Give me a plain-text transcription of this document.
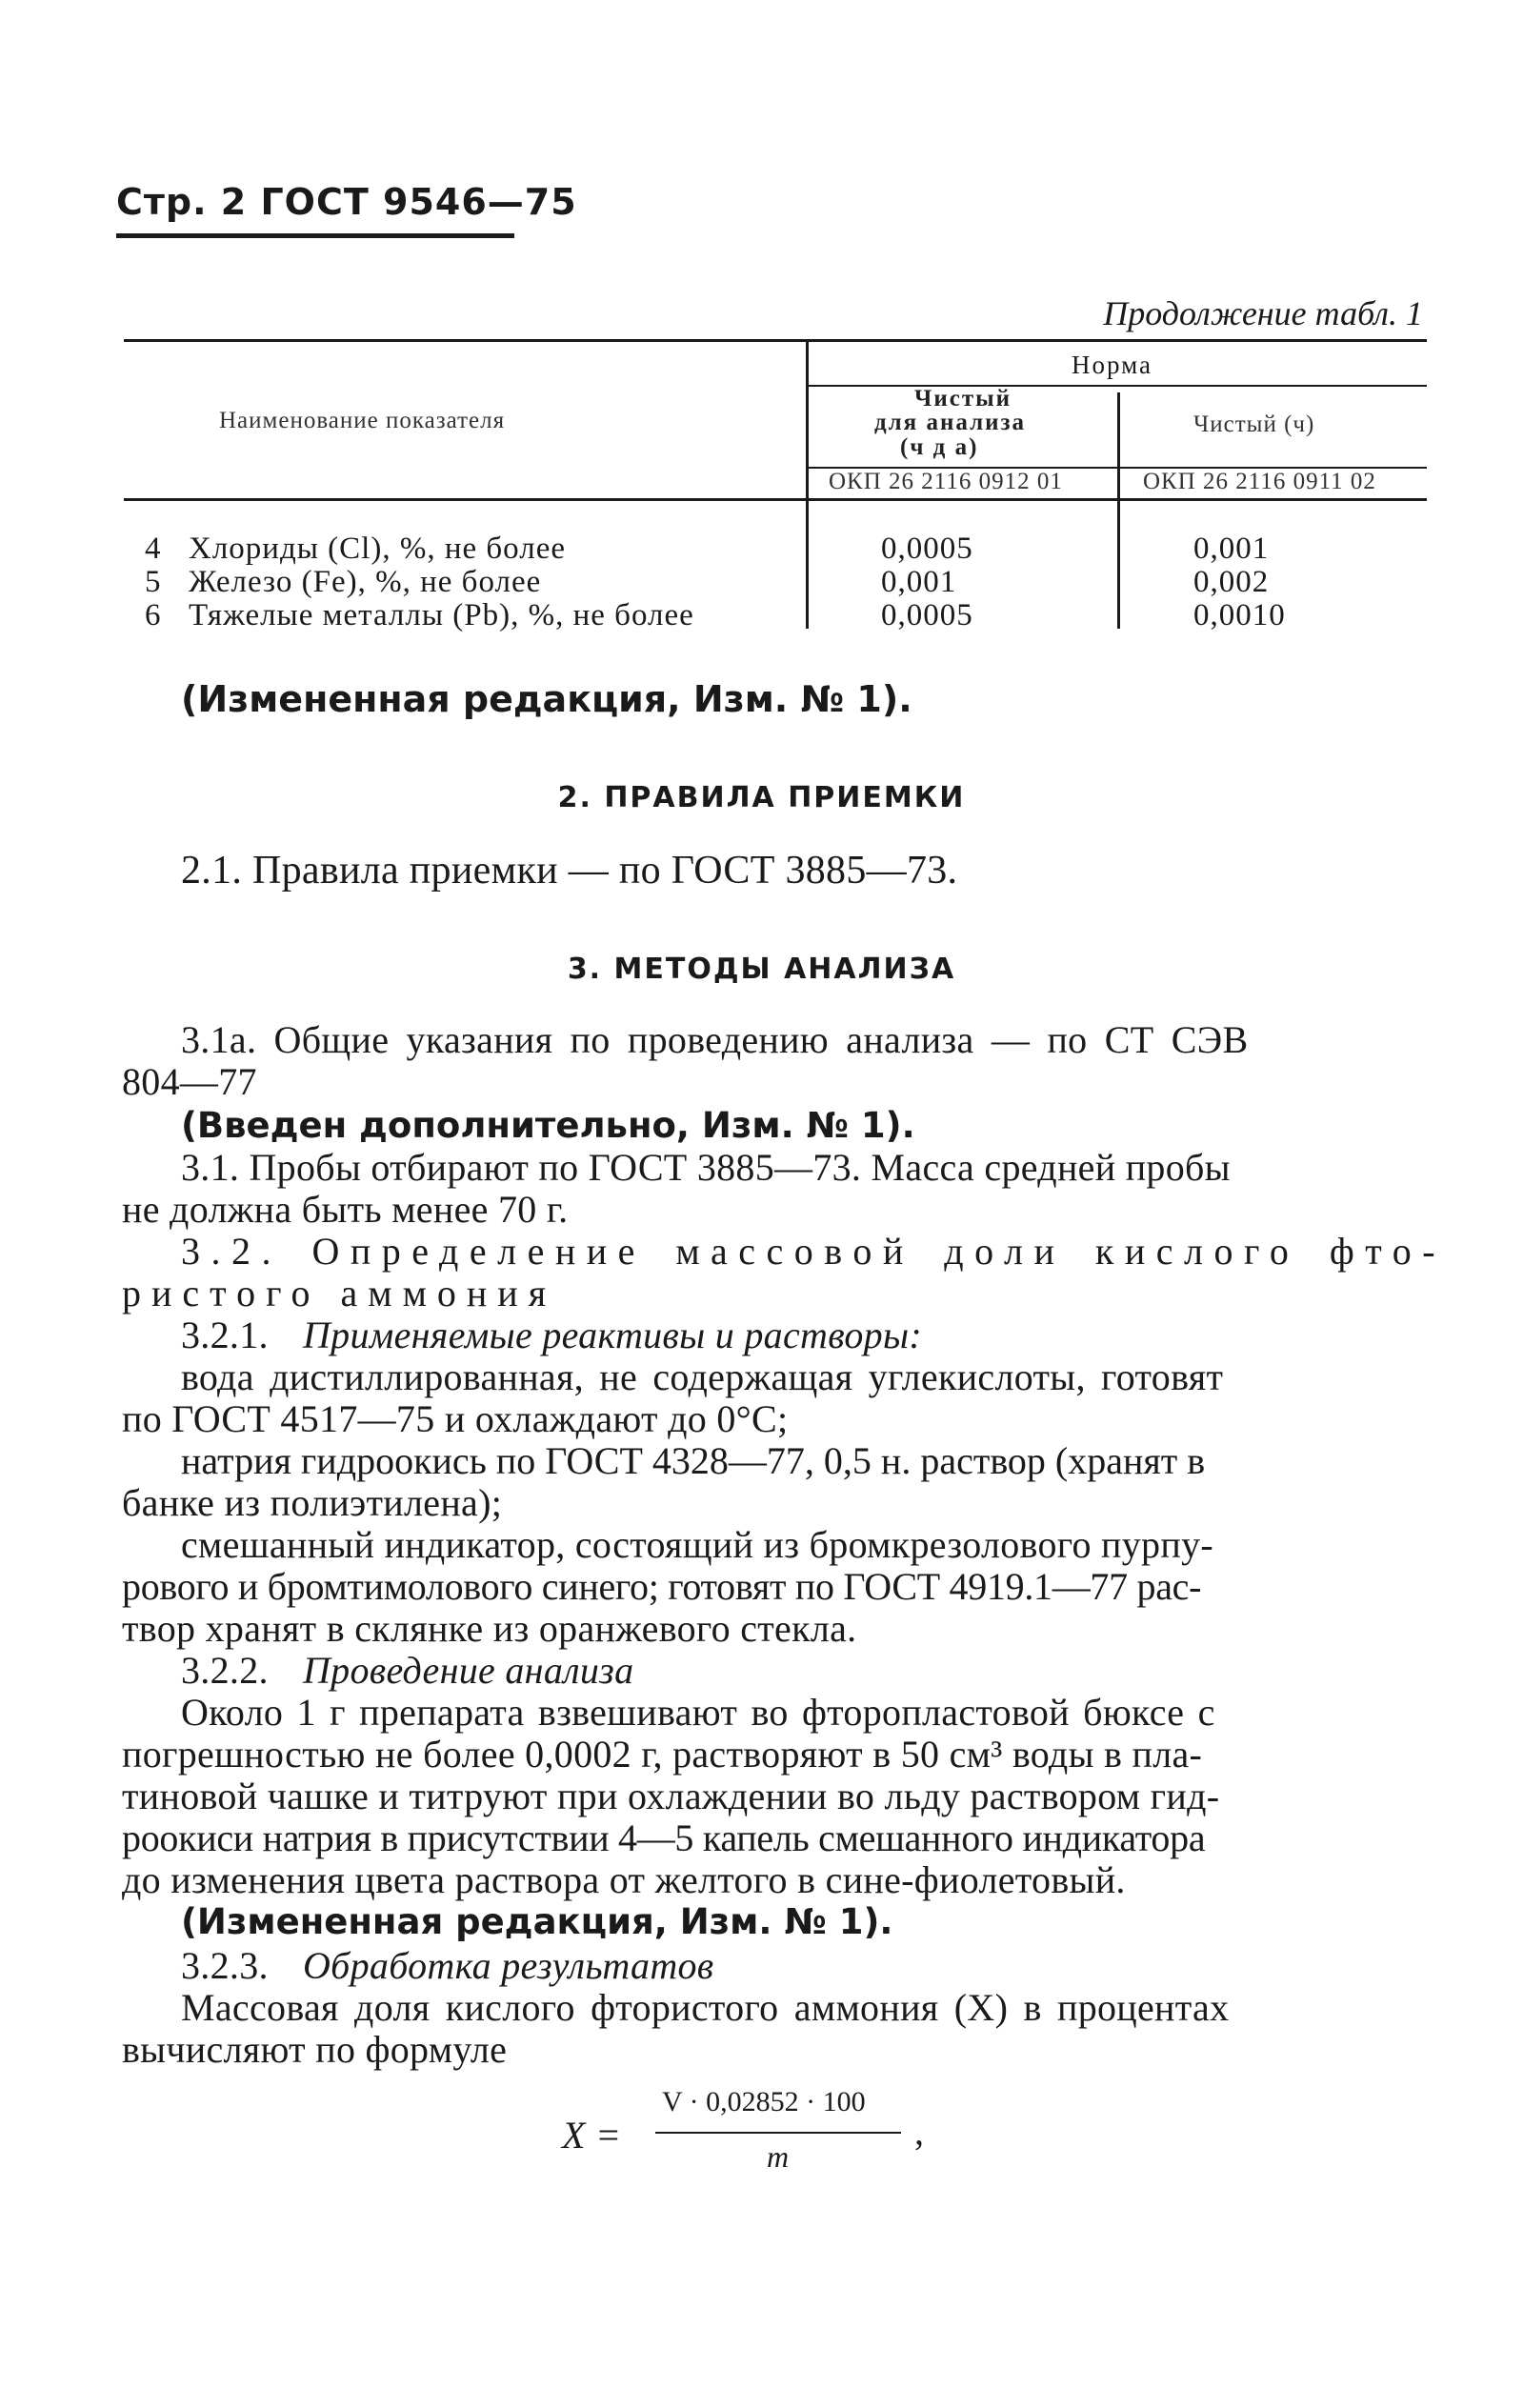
Стр. 2 ГОСТ 9546—75
Продолжение табл. 1
Наименование показателя
Норма
Чистый
для анализа
(ч д а)
ОКП 26 2116 0912 01
Чистый (ч)
ОКП 26 2116 0911 02
4 Хлориды (Cl), %, не более	0,0005	0,001
5 Железо (Fe), %, не более	0,001	0,002
6 Тяжелые металлы (Pb), %, не более	0,0005	0,0010
(Измененная редакция, Изм. № 1).
2. ПРАВИЛА ПРИЕМКИ
2.1. Правила приемки — по ГОСТ 3885—73.
3. МЕТОДЫ АНАЛИЗА
3.1а. Общие указания по проведению анализа — по СТ СЭВ
804—77
(Введен дополнительно, Изм. № 1).
3.1. Пробы отбирают по ГОСТ 3885—73. Масса средней пробы
не должна быть менее 70 г.
3.2. Определение массовой доли кислого фто-
ристого аммония
3.2.1. Применяемые реактивы и растворы:
вода дистиллированная, не содержащая углекислоты, готовят
по ГОСТ 4517—75 и охлаждают до 0°С;
натрия гидроокись по ГОСТ 4328—77, 0,5 н. раствор (хранят в
банке из полиэтилена);
смешанный индикатор, состоящий из бромкрезолового пурпу-
рового и бромтимолового синего; готовят по ГОСТ 4919.1—77 рас-
твор хранят в склянке из оранжевого стекла.
3.2.2. Проведение анализа
Около 1 г препарата взвешивают во фторопластовой бюксе с
погрешностью не более 0,0002 г, растворяют в 50 см³ воды в пла-
тиновой чашке и титруют при охлаждении во льду раствором гид-
роокиси натрия в присутствии 4—5 капель смешанного индикатора
до изменения цвета раствора от желтого в сине-фиолетовый.
(Измененная редакция, Изм. № 1).
3.2.3. Обработка результатов
Массовая доля кислого фтористого аммония (X) в процентах
вычисляют по формуле
X =
V · 0,02852 · 100
m
,
